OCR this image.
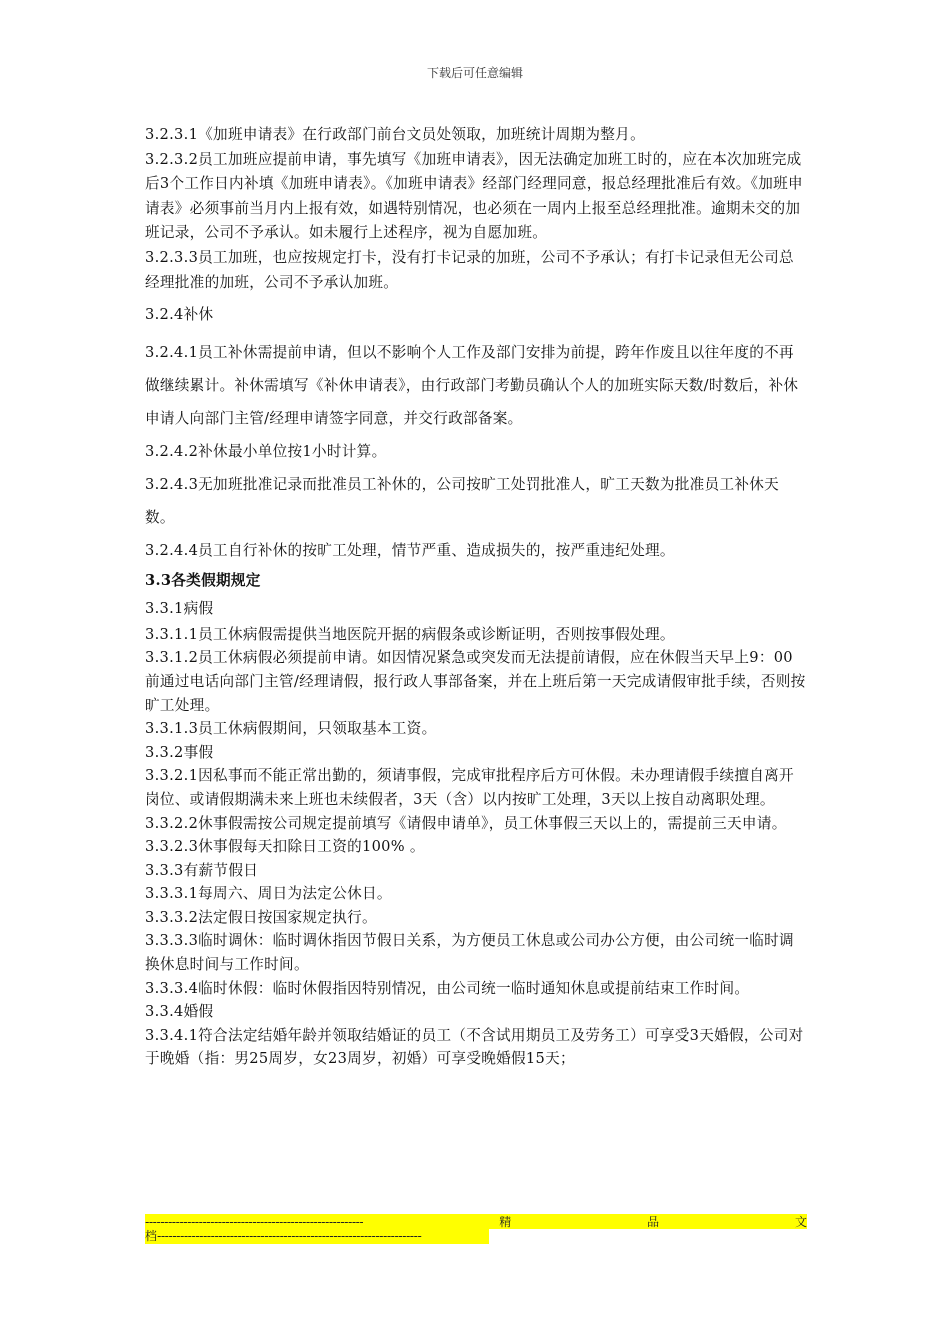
下载后可任意编辑

3.2.3.1《加班申请表》在行政部门前台文员处领取，加班统计周期为整月。

3.2.3.2员工加班应提前申请，事先填写《加班申请表》，因无法确定加班工时的，应在本次加班完成后3个工作日内补填《加班申请表》。《加班申请表》经部门经理同意，报总经理批准后有效。《加班申请表》必须事前当月内上报有效，如遇特别情况，也必须在一周内上报至总经理批准。逾期未交的加班记录，公司不予承认。如未履行上述程序，视为自愿加班。

3.2.3.3员工加班，也应按规定打卡，没有打卡记录的加班，公司不予承认；有打卡记录但无公司总经理批准的加班，公司不予承认加班。

3.2.4补休

3.2.4.1员工补休需提前申请，但以不影响个人工作及部门安排为前提，跨年作废且以往年度的不再做继续累计。补休需填写《补休申请表》，由行政部门考勤员确认个人的加班实际天数/时数后，补休申请人向部门主管/经理申请签字同意，并交行政部备案。

3.2.4.2补休最小单位按1小时计算。

3.2.4.3无加班批准记录而批准员工补休的，公司按旷工处罚批准人，旷工天数为批准员工补休天数。

3.2.4.4员工自行补休的按旷工处理，情节严重、造成损失的，按严重违纪处理。

3.3各类假期规定

3.3.1病假

3.3.1.1员工休病假需提供当地医院开据的病假条或诊断证明，否则按事假处理。

3.3.1.2员工休病假必须提前申请。如因情况紧急或突发而无法提前请假，应在休假当天早上9：00前通过电话向部门主管/经理请假，报行政人事部备案，并在上班后第一天完成请假审批手续，否则按旷工处理。

3.3.1.3员工休病假期间，只领取基本工资。

3.3.2事假

3.3.2.1因私事而不能正常出勤的，须请事假，完成审批程序后方可休假。未办理请假手续擅自离开岗位、或请假期满未来上班也未续假者，3天（含）以内按旷工处理，3天以上按自动离职处理。

3.3.2.2休事假需按公司规定提前填写《请假申请单》，员工休事假三天以上的，需提前三天申请。

3.3.2.3休事假每天扣除日工资的100% 。

3.3.3有薪节假日

3.3.3.1每周六、周日为法定公休日。

3.3.3.2法定假日按国家规定执行。

3.3.3.3临时调休：临时调休指因节假日关系，为方便员工休息或公司办公方便，由公司统一临时调换休息时间与工作时间。

3.3.3.4临时休假：临时休假指因特别情况，由公司统一临时通知休息或提前结束工作时间。

3.3.4婚假

3.3.4.1符合法定结婚年龄并领取结婚证的员工（不含试用期员工及劳务工）可享受3天婚假，公司对于晚婚（指：男25周岁，女23周岁，初婚）可享受晚婚假15天；

---------------------------------------------------------	精	品	文
档---------------------------------------------------------------------
